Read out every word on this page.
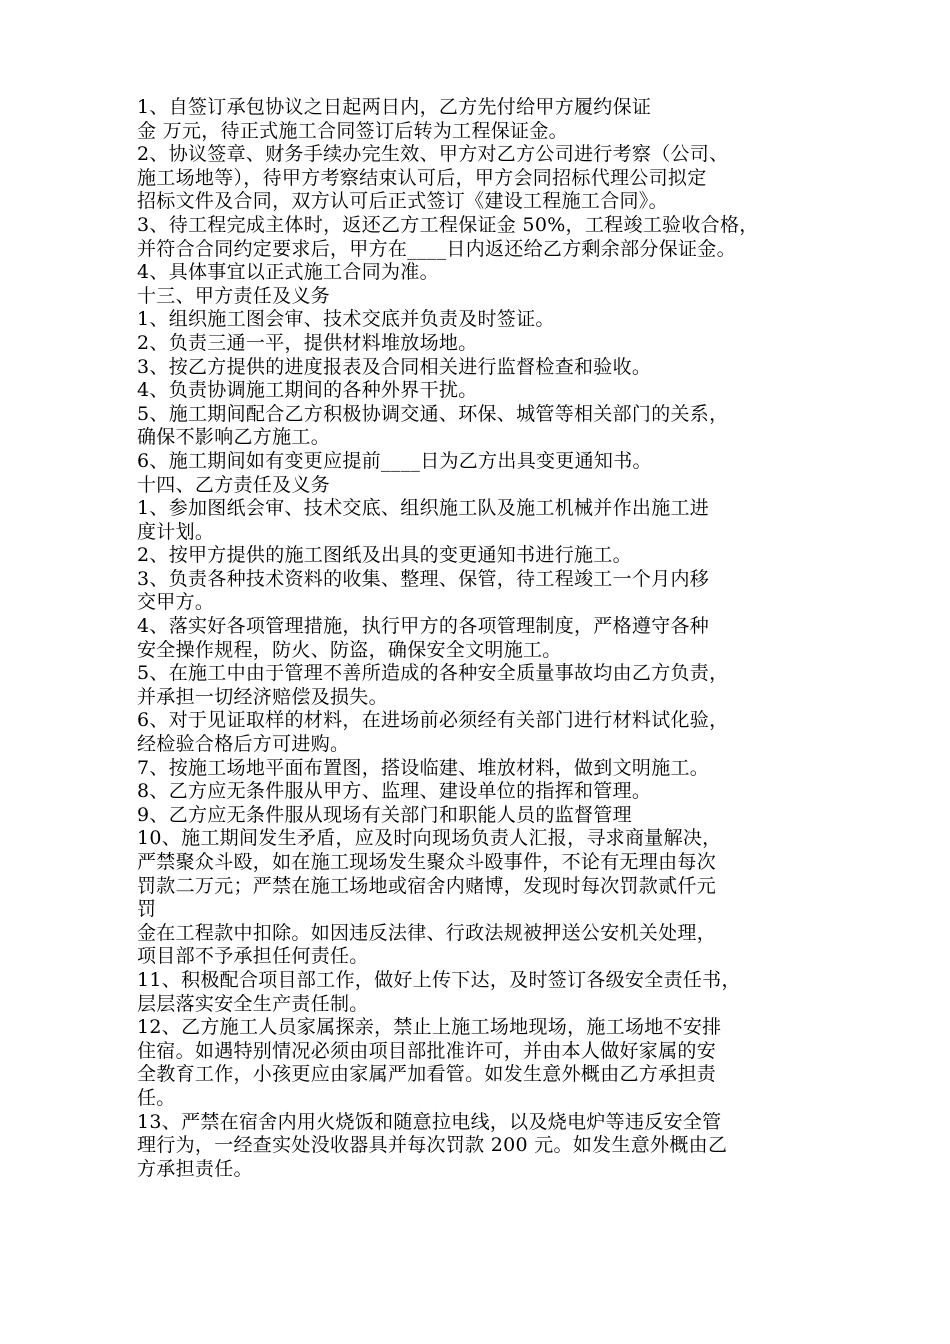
1、自签订承包协议之日起两日内，乙方先付给甲方履约保证
金 万元，待正式施工合同签订后转为工程保证金。
2、协议签章、财务手续办完生效、甲方对乙方公司进行考察（公司、
施工场地等），待甲方考察结束认可后，甲方会同招标代理公司拟定
招标文件及合同，双方认可后正式签订《建设工程施工合同》。
3、待工程完成主体时，返还乙方工程保证金 50%，工程竣工验收合格，
并符合合同约定要求后，甲方在____日内返还给乙方剩余部分保证金。
4、具体事宜以正式施工合同为准。
十三、甲方责任及义务
1、组织施工图会审、技术交底并负责及时签证。
2、负责三通一平，提供材料堆放场地。
3、按乙方提供的进度报表及合同相关进行监督检查和验收。
4、负责协调施工期间的各种外界干扰。
5、施工期间配合乙方积极协调交通、环保、城管等相关部门的关系，
确保不影响乙方施工。
6、施工期间如有变更应提前____日为乙方出具变更通知书。
十四、乙方责任及义务
1、参加图纸会审、技术交底、组织施工队及施工机械并作出施工进
度计划。
2、按甲方提供的施工图纸及出具的变更通知书进行施工。
3、负责各种技术资料的收集、整理、保管，待工程竣工一个月内移
交甲方。
4、落实好各项管理措施，执行甲方的各项管理制度，严格遵守各种
安全操作规程，防火、防盗，确保安全文明施工。
5、在施工中由于管理不善所造成的各种安全质量事故均由乙方负责，
并承担一切经济赔偿及损失。
6、对于见证取样的材料，在进场前必须经有关部门进行材料试化验，
经检验合格后方可进购。
7、按施工场地平面布置图，搭设临建、堆放材料，做到文明施工。
8、乙方应无条件服从甲方、监理、建设单位的指挥和管理。
9、乙方应无条件服从现场有关部门和职能人员的监督管理
10、施工期间发生矛盾，应及时向现场负责人汇报，寻求商量解决，
严禁聚众斗殴，如在施工现场发生聚众斗殴事件，不论有无理由每次
罚款二万元；严禁在施工场地或宿舍内赌博，发现时每次罚款贰仟元
罚
金在工程款中扣除。如因违反法律、行政法规被押送公安机关处理，
项目部不予承担任何责任。
11、积极配合项目部工作，做好上传下达，及时签订各级安全责任书，
层层落实安全生产责任制。
12、乙方施工人员家属探亲，禁止上施工场地现场，施工场地不安排
住宿。如遇特别情况必须由项目部批准许可，并由本人做好家属的安
全教育工作，小孩更应由家属严加看管。如发生意外概由乙方承担责
任。
13、严禁在宿舍内用火烧饭和随意拉电线，以及烧电炉等违反安全管
理行为，一经查实处没收器具并每次罚款 200 元。如发生意外概由乙
方承担责任。
